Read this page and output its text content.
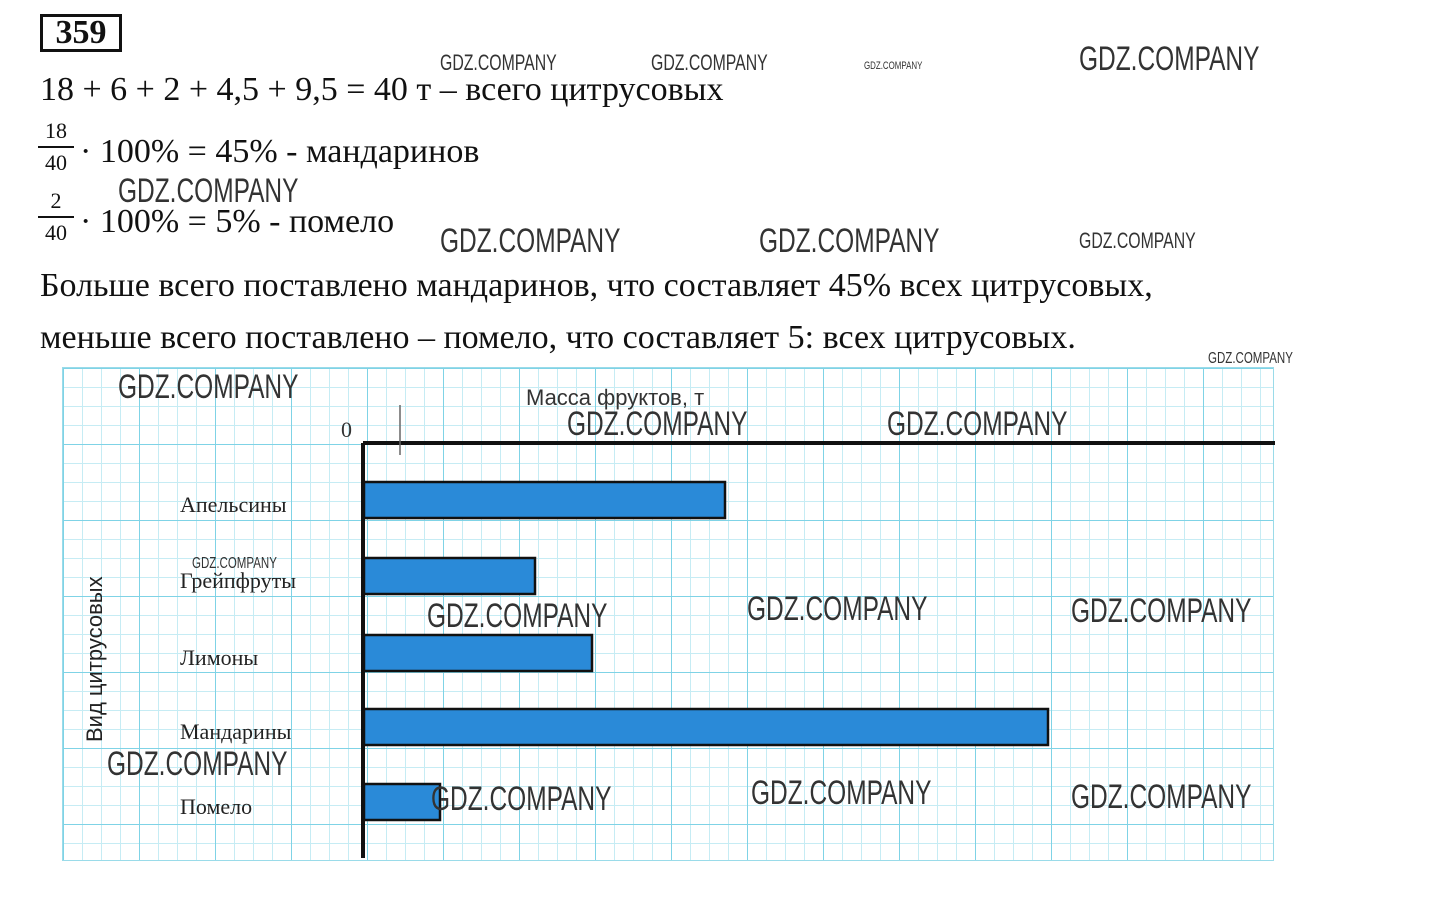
359
18 + 6 + 2 + 4,5 + 9,5 = 40 т – всего цитрусовых
18
40 · 100% = 45% - мандаринов
2
40 · 100% = 5% - помело
Больше всего поставлено мандаринов, что составляет 45% всех цитрусовых,
меньше всего поставлено – помело, что составляет 5: всех цитрусовых.
Масса фруктов, т
0
Апельсины
Грейпфруты
Лимоны
Мандарины
Помело
Вид цитрусовых
GDZ.COMPANY	GDZ.COMPANY	GDZ.COMPANY	GDZ.COMPANY
GDZ.COMPANY
GDZ.COMPANY	GDZ.COMPANY	GDZ.COMPANY
GDZ.COMPANY
GDZ.COMPANY
GDZ.COMPANY	GDZ.COMPANY
GDZ.COMPANY
GDZ.COMPANY	GDZ.COMPANY	GDZ.COMPANY
GDZ.COMPANY
GDZ.COMPANY	GDZ.COMPANY	GDZ.COMPANY
